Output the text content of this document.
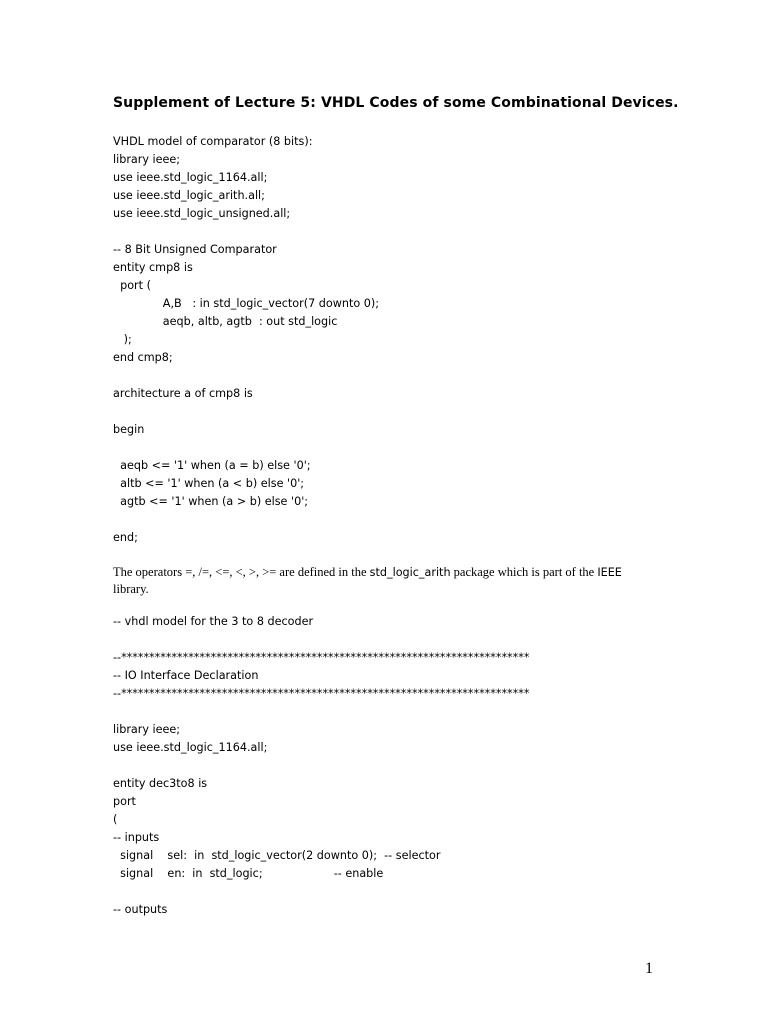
Supplement of Lecture 5: VHDL Codes of some Combinational Devices.
VHDL model of comparator (8 bits):
library ieee;
use ieee.std_logic_1164.all;
use ieee.std_logic_arith.all;
use ieee.std_logic_unsigned.all;
-- 8 Bit Unsigned Comparator
entity cmp8 is
port (
A,B   : in std_logic_vector(7 downto 0);
aeqb, altb, agtb  : out std_logic
);
end cmp8;
architecture a of cmp8 is
begin
aeqb <= '1' when (a = b) else '0';
altb <= '1' when (a < b) else '0';
agtb <= '1' when (a > b) else '0';
end;
The operators =, /=, <=, <, >, >= are defined in the std_logic_arith package which is part of the IEEE library.
-- vhdl model for the 3 to 8 decoder
--*************************************************************************
-- IO Interface Declaration
--*************************************************************************
library ieee;
use ieee.std_logic_1164.all;
entity dec3to8 is
port
(
-- inputs
signal    sel:  in  std_logic_vector(2 downto 0);  -- selector
signal    en:  in  std_logic;                    -- enable
-- outputs
1
